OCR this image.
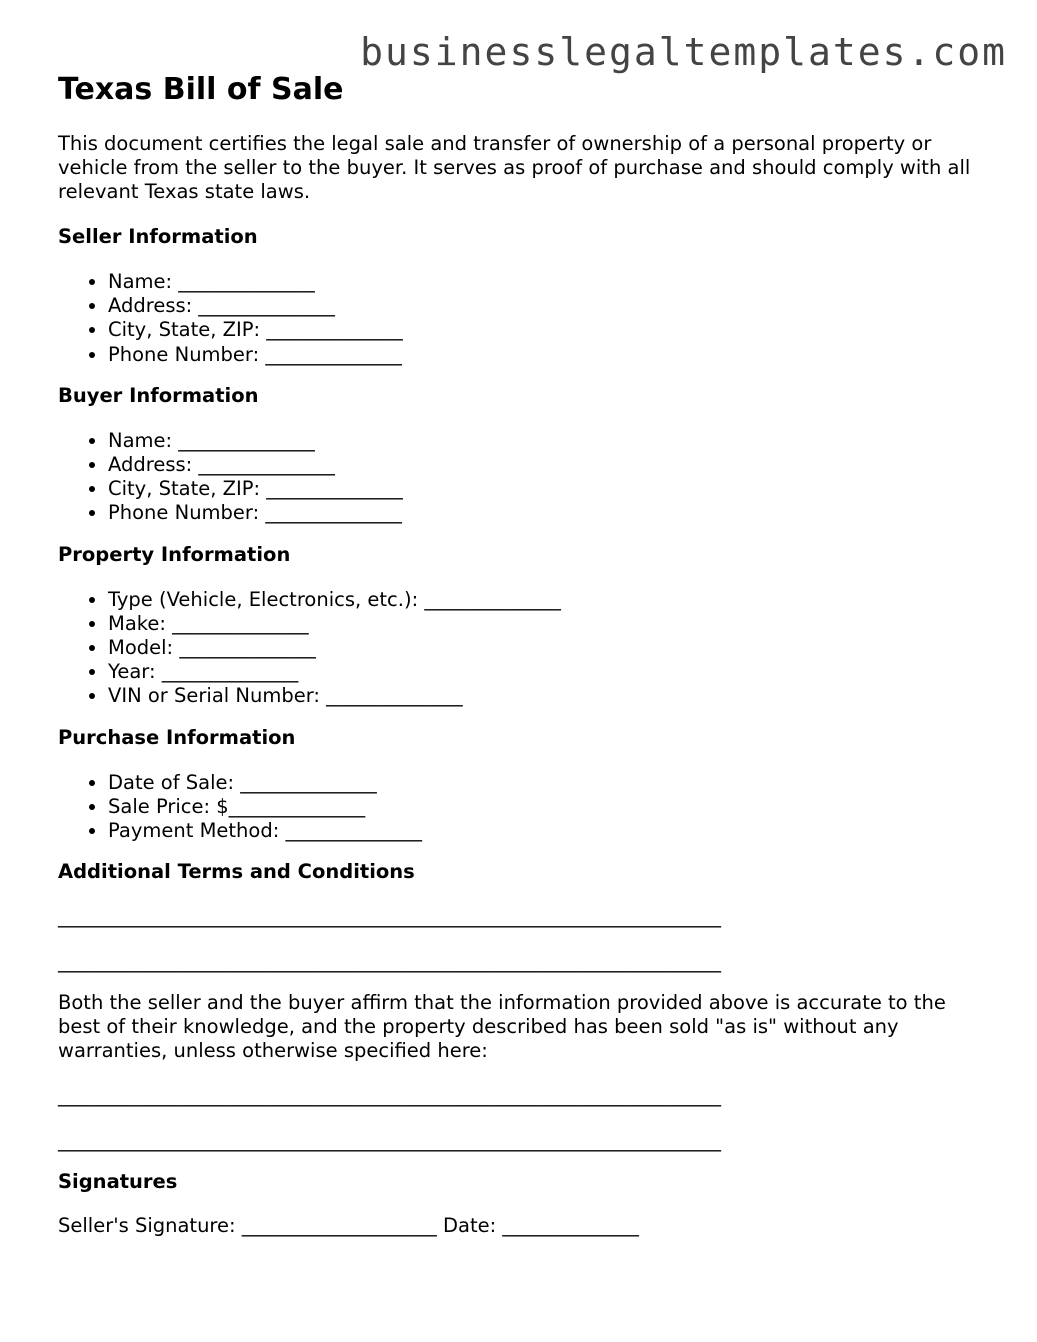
businesslegaltemplates.com
Texas Bill of Sale

This document certifies the legal sale and transfer of ownership of a personal property or vehicle from the seller to the buyer. It serves as proof of purchase and should comply with all relevant Texas state laws.

Seller Information
• Name: ______________
• Address: ______________
• City, State, ZIP: ______________
• Phone Number: ______________
Buyer Information
• Name: ______________
• Address: ______________
• City, State, ZIP: ______________
• Phone Number: ______________
Property Information
• Type (Vehicle, Electronics, etc.): ______________
• Make: ______________
• Model: ______________
• Year: ______________
• VIN or Serial Number: ______________
Purchase Information
• Date of Sale: ______________
• Sale Price: $______________
• Payment Method: ______________
Additional Terms and Conditions
____________________________________________________________________
____________________________________________________________________

Both the seller and the buyer affirm that the information provided above is accurate to the best of their knowledge, and the property described has been sold "as is" without any warranties, unless otherwise specified here:

____________________________________________________________________
____________________________________________________________________
Signatures

Seller's Signature: ____________________ Date: ______________
